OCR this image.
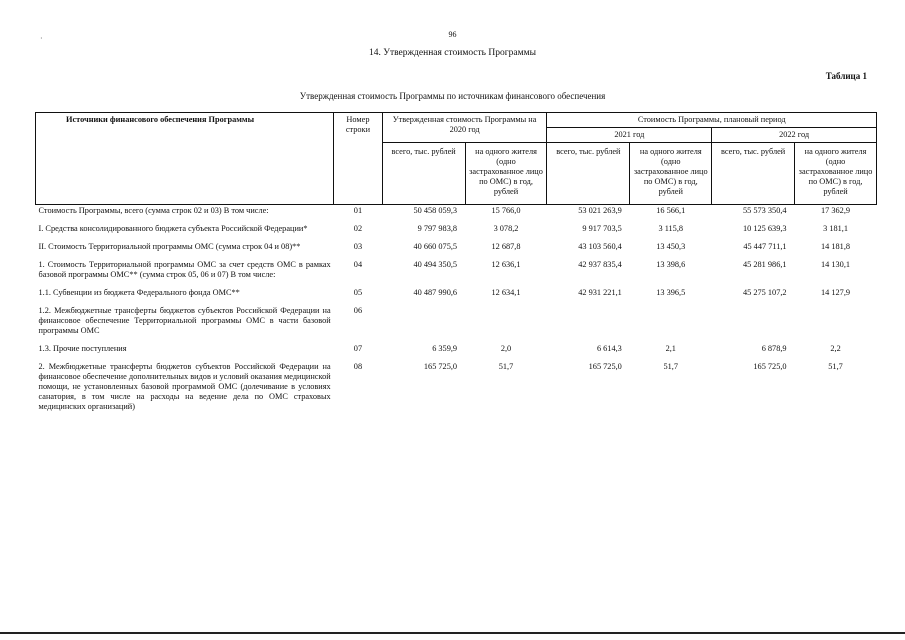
·	96
14. Утвержденная стоимость Программы
Таблица 1
Утвержденная стоимость Программы по источникам финансового обеспечения
Источники финансового обеспечения Программы	Номер строки	Утвержденная стоимость Программы на 2020 год		Стоимость Программы, плановый период			
				2021 год		2022 год	
		всего, тыс. рублей	на одного жителя (одно застрахованное лицо по ОМС) в год, рублей	всего, тыс. рублей	на одного жителя (одно застрахованное лицо по ОМС) в год, рублей	всего, тыс. рублей	на одного жителя (одно застрахованное лицо по ОМС) в год, рублей
Стоимость Программы, всего (сумма строк 02 и 03) В том числе:	01	50 458 059,3	15 766,0	53 021 263,9	16 566,1	55 573 350,4	17 362,9
I. Средства консолидированного бюджета субъекта Российской Федерации*	02	9 797 983,8	3 078,2	9 917 703,5	3 115,8	10 125 639,3	3 181,1
II. Стоимость Территориальной программы ОМС (сумма строк 04 и 08)**	03	40 660 075,5	12 687,8	43 103 560,4	13 450,3	45 447 711,1	14 181,8
1. Стоимость Территориальной программы ОМС за счет средств ОМС в рамках базовой программы ОМС** (сумма строк 05, 06 и 07) В том числе:	04	40 494 350,5	12 636,1	42 937 835,4	13 398,6	45 281 986,1	14 130,1
1.1. Субвенции из бюджета Федерального фонда ОМС**	05	40 487 990,6	12 634,1	42 931 221,1	13 396,5	45 275 107,2	14 127,9
1.2. Межбюджетные трансферты бюджетов субъектов Российской Федерации на финансовое обеспечение Территориальной программы ОМС в части базовой программы ОМС	06						
1.3. Прочие поступления	07	6 359,9	2,0	6 614,3	2,1	6 878,9	2,2
2. Межбюджетные трансферты бюджетов субъектов Российской Федерации на финансовое обеспечение дополнительных видов и условий оказания медицинской помощи, не установленных базовой программой ОМС (долечивание в условиях санатория, в том числе на расходы на ведение дела по ОМС страховых медицинских организаций)	08	165 725,0	51,7	165 725,0	51,7	165 725,0	51,7
